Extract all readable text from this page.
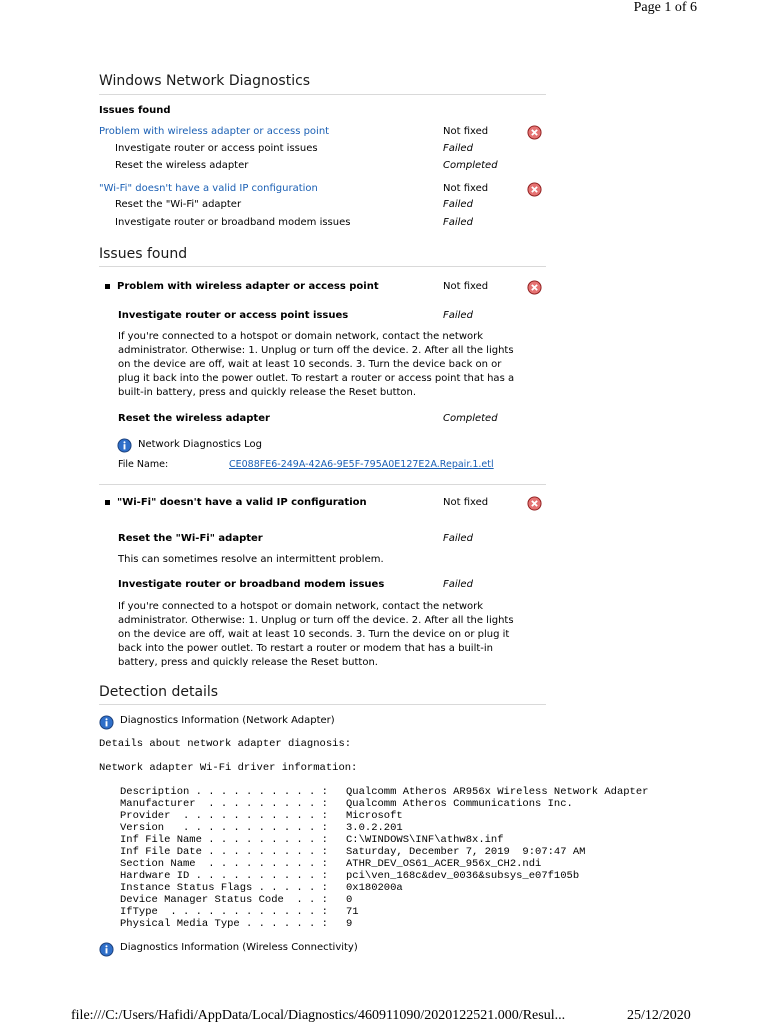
Page 1 of 6
Windows Network Diagnostics
Issues found
Problem with wireless adapter or access point	Not fixed
Investigate router or access point issues	Failed
Reset the wireless adapter	Completed
"Wi-Fi" doesn't have a valid IP configuration	Not fixed
Reset the "Wi-Fi" adapter	Failed
Investigate router or broadband modem issues	Failed
Issues found
Problem with wireless adapter or access point	Not fixed
Investigate router or access point issues	Failed
If you're connected to a hotspot or domain network, contact the network
administrator. Otherwise: 1. Unplug or turn off the device. 2. After all the lights
on the device are off, wait at least 10 seconds. 3. Turn the device back on or
plug it back into the power outlet. To restart a router or access point that has a
built-in battery, press and quickly release the Reset button.
Reset the wireless adapter	Completed
Network Diagnostics Log
File Name:	CE088FE6-249A-42A6-9E5F-795A0E127E2A.Repair.1.etl
"Wi-Fi" doesn't have a valid IP configuration	Not fixed
Reset the "Wi-Fi" adapter	Failed
This can sometimes resolve an intermittent problem.
Investigate router or broadband modem issues	Failed
If you're connected to a hotspot or domain network, contact the network
administrator. Otherwise: 1. Unplug or turn off the device. 2. After all the lights
on the device are off, wait at least 10 seconds. 3. Turn the device on or plug it
back into the power outlet. To restart a router or modem that has a built-in
battery, press and quickly release the Reset button.
Detection details
Diagnostics Information (Network Adapter)
Details about network adapter diagnosis:
Network adapter Wi-Fi driver information:
Description . . . . . . . . . . : Qualcomm Atheros AR956x Wireless Network Adapter
Manufacturer  . . . . . . . . . : Qualcomm Atheros Communications Inc.
Provider  . . . . . . . . . . . : Microsoft
Version   . . . . . . . . . . . : 3.0.2.201
Inf File Name . . . . . . . . . : C:\WINDOWS\INF\athw8x.inf
Inf File Date . . . . . . . . . : Saturday, December 7, 2019  9:07:47 AM
Section Name  . . . . . . . . . : ATHR_DEV_OS61_ACER_956x_CH2.ndi
Hardware ID . . . . . . . . . . : pci\ven_168c&dev_0036&subsys_e07f105b
Instance Status Flags . . . . . : 0x180200a
Device Manager Status Code  . . : 0
IfType  . . . . . . . . . . . . : 71
Physical Media Type . . . . . . : 9
Diagnostics Information (Wireless Connectivity)
file:///C:/Users/Hafidi/AppData/Local/Diagnostics/460911090/2020122521.000/Resul...	25/12/2020
